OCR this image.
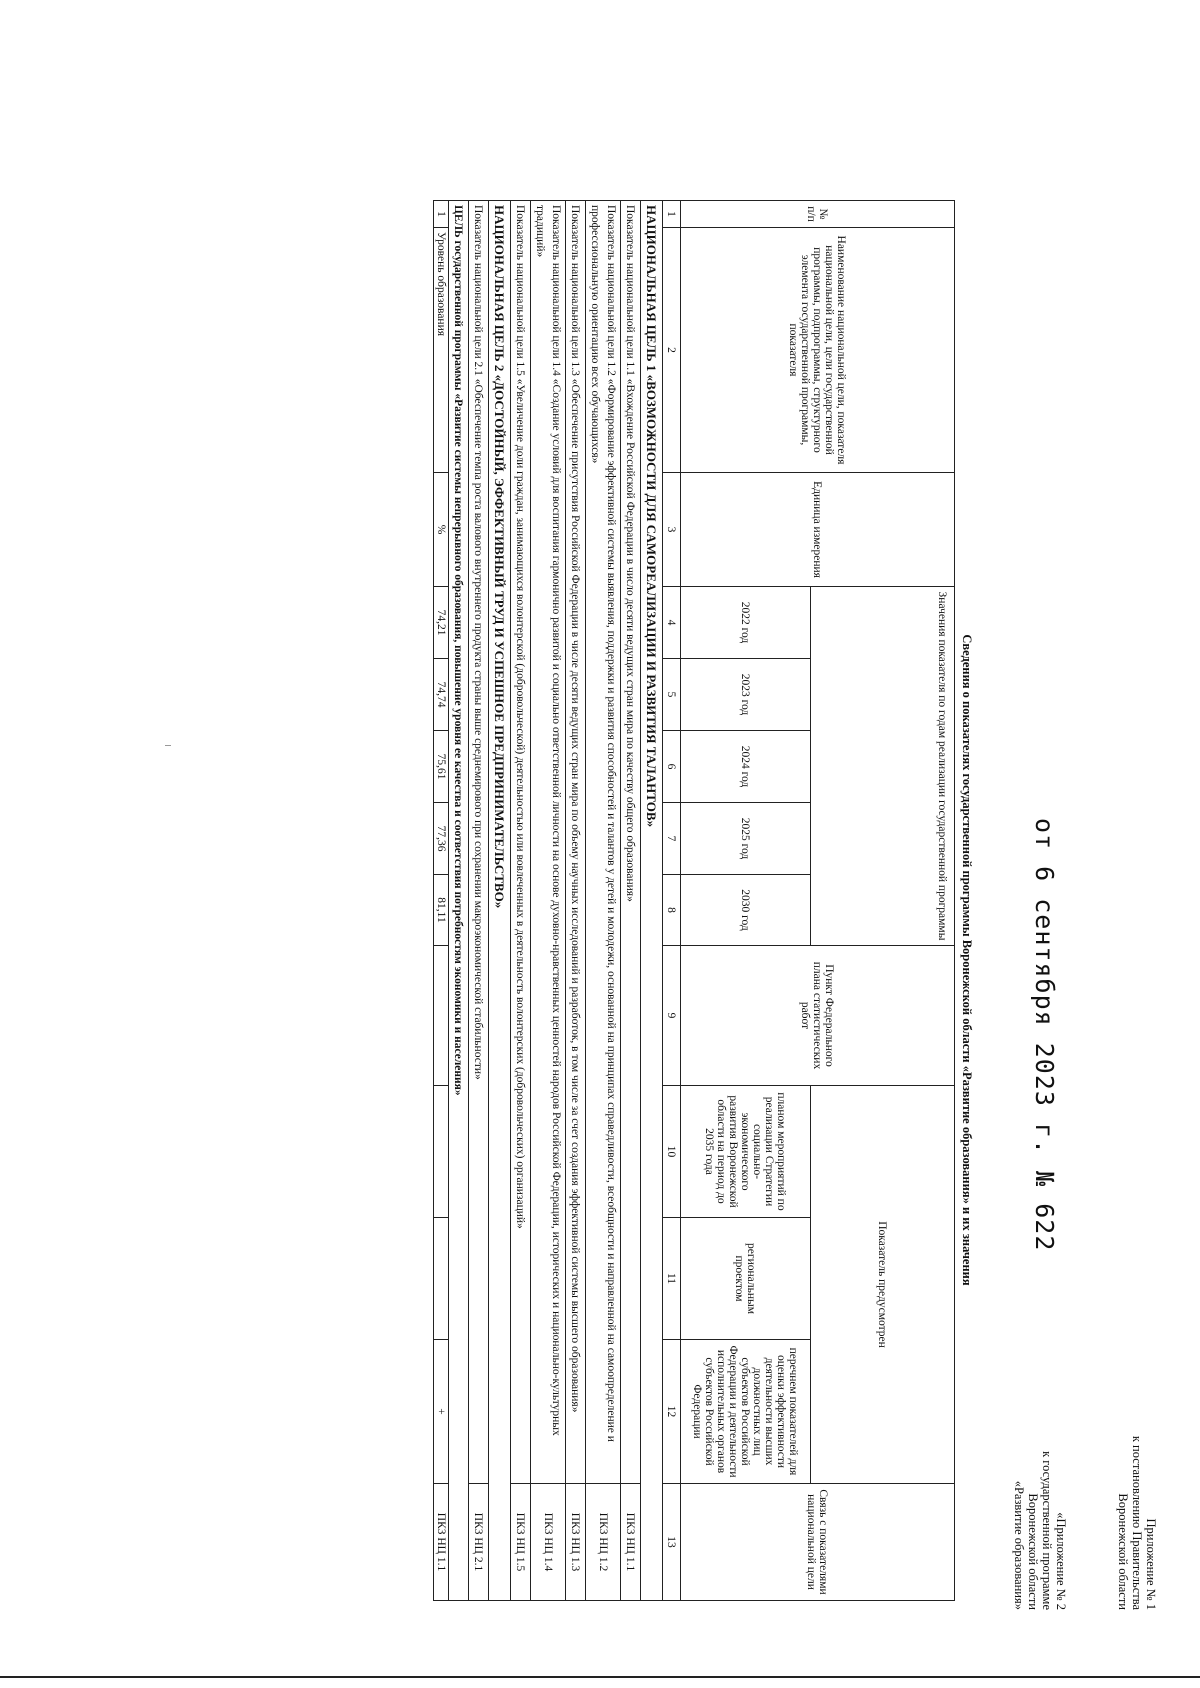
Приложение № 1
к постановлению Правительства
Воронежской области
от 6 сентября 2023 г. № 622
«Приложение № 2
к государственной программе
Воронежской области
«Развитие образования»
Сведения о показателях государственной программы Воронежской области «Развитие образования» и их значения
№ п/п	Наименование национальной цели, показателя национальной цели, цели государственной программы, подпрограммы, структурного элемента государственной программы, показателя	Единица измерения	Значения показателя по годам реализации государственной программы					Пункт Федерального плана статистических работ	Показатель предусмотрен			Связь с показателями национальной цели
			2022 год	2023 год	2024 год	2025 год	2030 год		планом мероприятий по реализации Стратегии социально-экономического развития Воронежской области на период до 2035 года	региональным проектом	перечнем показателей для оценки эффективности деятельности высших должностных лиц субъектов Российской Федерации и деятельности исполнительных органов субъектов Российской Федерации	
1	2	3	4	5	6	7	8	9	10	11	12	13
НАЦИОНАЛЬНАЯ ЦЕЛЬ 1 «ВОЗМОЖНОСТИ ДЛЯ САМОРЕАЛИЗАЦИИ И РАЗВИТИЯ ТАЛАНТОВ»												
Показатель национальной цели 1.1 «Вхождение Российской Федерации в число десяти ведущих стран мира по качеству общего образования»												ПКЗ НЦ 1.1
Показатель национальной цели 1.2 «Формирование эффективной системы выявления, поддержки и развития способностей и талантов у детей и молодежи, основанной на принципах справедливости, всеобщности и направленной на самоопределение и профессиональную ориентацию всех обучающихся»												ПКЗ НЦ 1.2
Показатель национальной цели 1.3 «Обеспечение присутствия Российской Федерации в числе десяти ведущих стран мира по объему научных исследований и разработок, в том числе за счет создания эффективной системы высшего образования»												ПКЗ НЦ 1.3
Показатель национальной цели 1.4 «Создание условий для воспитания гармонично развитой и социально ответственной личности на основе духовно-нравственных ценностей народов Российской Федерации, исторических и национально-культурных традиций»												ПКЗ НЦ 1.4
Показатель национальной цели 1.5 «Увеличение доли граждан, занимающихся волонтерской (добровольческой) деятельностью или вовлеченных в деятельность волонтерских (добровольческих) организаций»												ПКЗ НЦ 1.5
НАЦИОНАЛЬНАЯ ЦЕЛЬ 2 «ДОСТОЙНЫЙ, ЭФФЕКТИВНЫЙ ТРУД И УСПЕШНОЕ ПРЕДПРИНИМАТЕЛЬСТВО»												
Показатель национальной цели 2.1 «Обеспечение темпа роста валового внутреннего продукта страны выше среднемирового при сохранении макроэкономической стабильности»												ПКЗ НЦ 2.1
ЦЕЛЬ государственной программы «Развитие системы непрерывного образования, повышение уровня ее качества и соответствия потребностям экономики и населения»												
1	Уровень образования	%	74,21	74,74	75,61	77,36	81,11				+	ПКЗ НЦ 1.1
